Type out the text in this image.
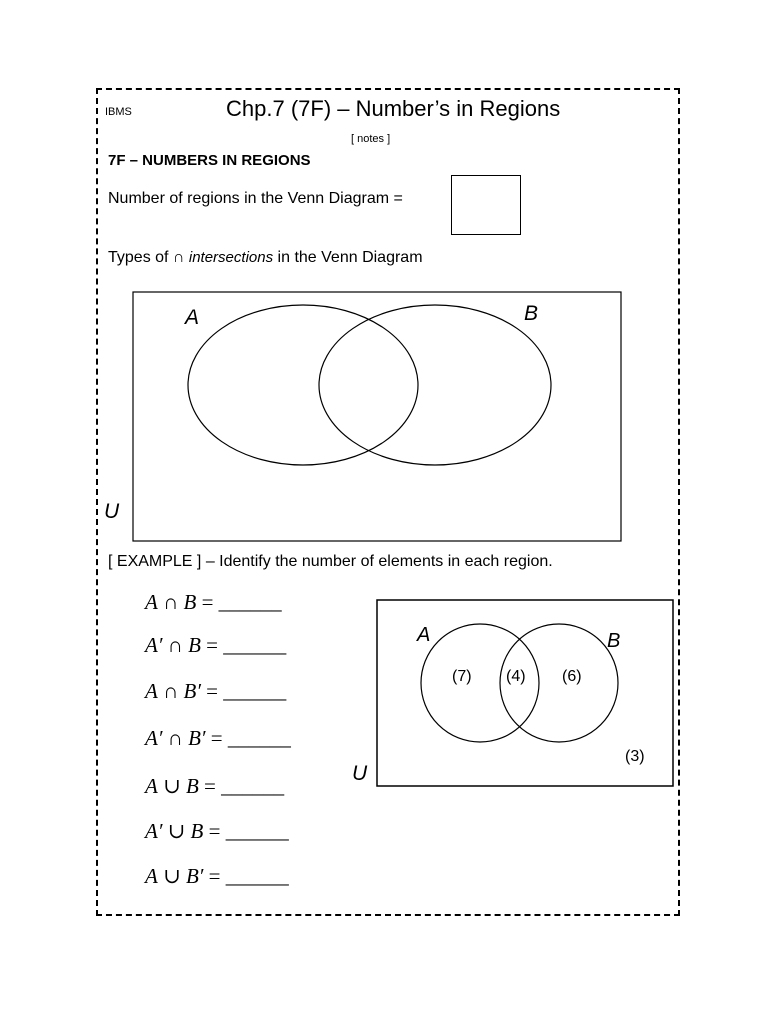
IBMS	Chp.7 (7F) – Number’s in Regions
[ notes ]
7F – NUMBERS IN REGIONS
Number of regions in the Venn Diagram =
Types of ∩ intersections in the Venn Diagram
A	B
U
A	B
U
(7) (4) (6)
(3)
[ EXAMPLE ] – Identify the number of elements in each region.
A ∩ B = ______
A′ ∩ B = ______
A ∩ B′ = ______
A′ ∩ B′ = ______
A ∪ B = ______
A′ ∪ B = ______
A ∪ B′ = ______
